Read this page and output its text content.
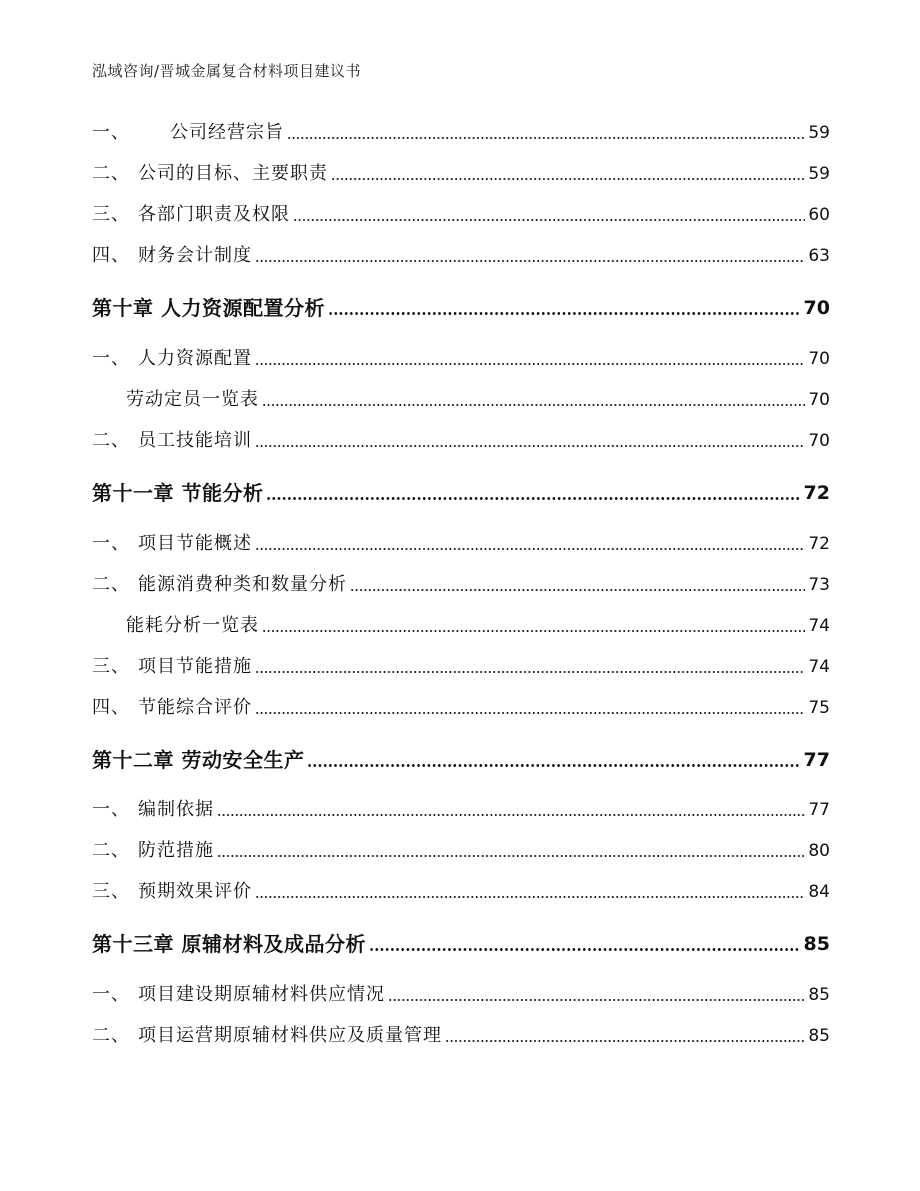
泓域咨询/晋城金属复合材料项目建议书
一、	公司经营宗旨	59
二、 公司的目标、主要职责	59
三、 各部门职责及权限	60
四、 财务会计制度	63
第十章 人力资源配置分析	70
一、 人力资源配置	70
劳动定员一览表	70
二、 员工技能培训	70
第十一章 节能分析	72
一、 项目节能概述	72
二、 能源消费种类和数量分析	73
能耗分析一览表	74
三、 项目节能措施	74
四、 节能综合评价	75
第十二章 劳动安全生产	77
一、 编制依据	77
二、 防范措施	80
三、 预期效果评价	84
第十三章 原辅材料及成品分析	85
一、 项目建设期原辅材料供应情况	85
二、 项目运营期原辅材料供应及质量管理	85
